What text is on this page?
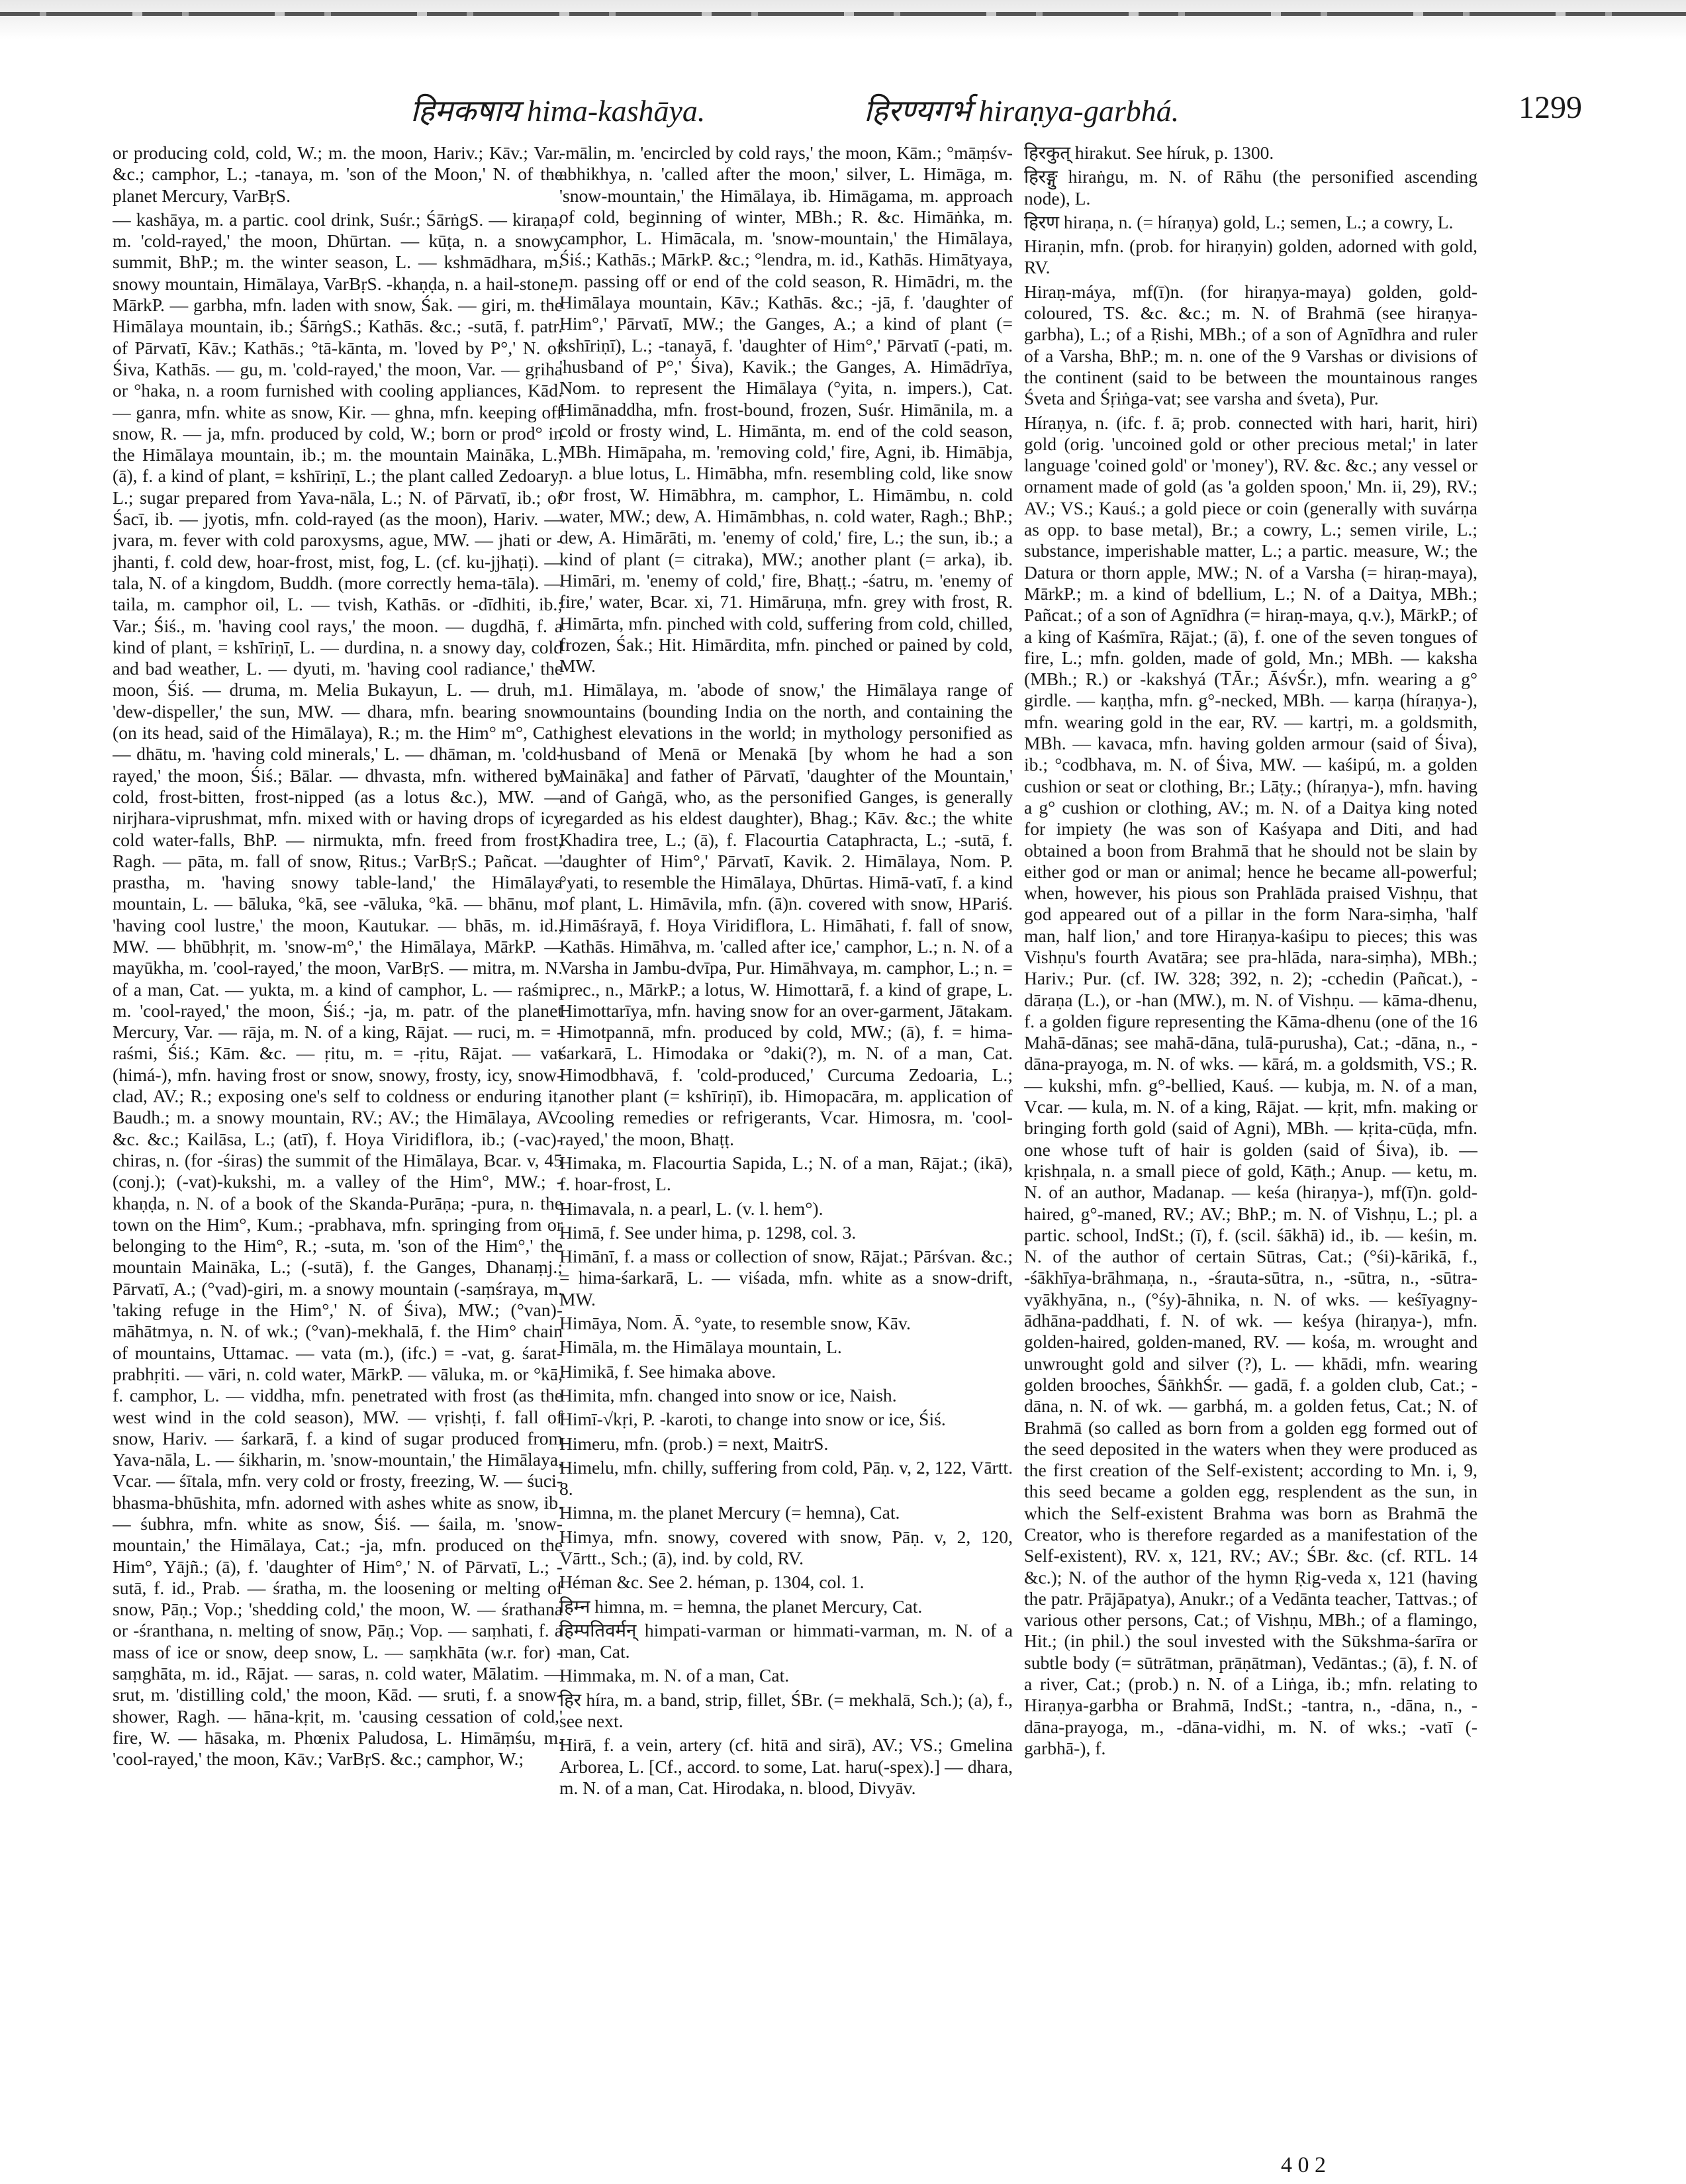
हिमकषाय hima-kashāya.	हिरण्यगर्भ hiraṇya-garbhá.	1299

or producing cold, cold, W.; m. the moon, Hariv.; Kāv.; Var. &c.; camphor, L.; -tanaya, m. 'son of the Moon,' N. of the planet Mercury, VarBṛS.

— kashāya, m. a partic. cool drink, Suśr.; ŚārṅgS. — kiraṇa, m. 'cold-rayed,' the moon, Dhūrtan. — kūṭa, n. a snowy summit, BhP.; m. the winter season, L. — kshmādhara, m. snowy mountain, Himālaya, VarBṛS. -khaṇḍa, n. a hail-stone, MārkP. — garbha, mfn. laden with snow, Śak. — giri, m. the Himālaya mountain, ib.; ŚārṅgS.; Kathās. &c.; -sutā, f. patr. of Pārvatī, Kāv.; Kathās.; °tā-kānta, m. 'loved by P°,' N. of Śiva, Kathās. — gu, m. 'cold-rayed,' the moon, Var. — gṛiha or °haka, n. a room furnished with cooling appliances, Kād. — ganra, mfn. white as snow, Kir. — ghna, mfn. keeping off snow, R. — ja, mfn. produced by cold, W.; born or prod° in the Himālaya mountain, ib.; m. the mountain Maināka, L.; (ā), f. a kind of plant, = kshīriṇī, L.; the plant called Zedoary, L.; sugar prepared from Yava-nāla, L.; N. of Pārvatī, ib.; of Śacī, ib. — jyotis, mfn. cold-rayed (as the moon), Hariv. — jvara, m. fever with cold paroxysms, ague, MW. — jhati or -jhanti, f. cold dew, hoar-frost, mist, fog, L. (cf. ku-jjhaṭi). — tala, N. of a kingdom, Buddh. (more correctly hema-tāla). — taila, m. camphor oil, L. — tvish, Kathās. or -dīdhiti, ib.; Var.; Śiś., m. 'having cool rays,' the moon. — dugdhā, f. a kind of plant, = kshīriṇī, L. — durdina, n. a snowy day, cold and bad weather, L. — dyuti, m. 'having cool radiance,' the moon, Śiś. — druma, m. Melia Bukayun, L. — druh, m. 'dew-dispeller,' the sun, MW. — dhara, mfn. bearing snow (on its head, said of the Himālaya), R.; m. the Him° m°, Cat. — dhātu, m. 'having cold minerals,' L. — dhāman, m. 'cold-rayed,' the moon, Śiś.; Bālar. — dhvasta, mfn. withered by cold, frost-bitten, frost-nipped (as a lotus &c.), MW. — nirjhara-viprushmat, mfn. mixed with or having drops of icy cold water-falls, BhP. — nirmukta, mfn. freed from frost, Ragh. — pāta, m. fall of snow, Ṛitus.; VarBṛS.; Pañcat. — prastha, m. 'having snowy table-land,' the Himālaya mountain, L. — bāluka, °kā, see -vāluka, °kā. — bhānu, m. 'having cool lustre,' the moon, Kautukar. — bhās, m. id., MW. — bhūbhṛit, m. 'snow-m°,' the Himālaya, MārkP. — mayūkha, m. 'cool-rayed,' the moon, VarBṛS. — mitra, m. N. of a man, Cat. — yukta, m. a kind of camphor, L. — raśmi, m. 'cool-rayed,' the moon, Śiś.; -ja, m. patr. of the planet Mercury, Var. — rāja, m. N. of a king, Rājat. — ruci, m. = -raśmi, Śiś.; Kām. &c. — ṛitu, m. = -ṛitu, Rājat. — vat (himá-), mfn. having frost or snow, snowy, frosty, icy, snow-clad, AV.; R.; exposing one's self to coldness or enduring it, Baudh.; m. a snowy mountain, RV.; AV.; the Himālaya, AV. &c. &c.; Kailāsa, L.; (atī), f. Hoya Viridiflora, ib.; (-vac)-chiras, n. (for -śiras) the summit of the Himālaya, Bcar. v, 45 (conj.); (-vat)-kukshi, m. a valley of the Him°, MW.; -khaṇḍa, n. N. of a book of the Skanda-Purāṇa; -pura, n. the town on the Him°, Kum.; -prabhava, mfn. springing from or belonging to the Him°, R.; -suta, m. 'son of the Him°,' the mountain Maināka, L.; (-sutā), f. the Ganges, Dhanaṃj.; Pārvatī, A.; (°vad)-giri, m. a snowy mountain (-saṃśraya, m. 'taking refuge in the Him°,' N. of Śiva), MW.; (°van)-māhātmya, n. N. of wk.; (°van)-mekhalā, f. the Him° chain of mountains, Uttamac. — vata (m.), (ifc.) = -vat, g. śarat-prabhṛiti. — vāri, n. cold water, MārkP. — vāluka, m. or °kā, f. camphor, L. — viddha, mfn. penetrated with frost (as the west wind in the cold season), MW. — vṛishṭi, f. fall of snow, Hariv. — śarkarā, f. a kind of sugar produced from Yava-nāla, L. — śikharin, m. 'snow-mountain,' the Himālaya, Vcar. — śītala, mfn. very cold or frosty, freezing, W. — śuci-bhasma-bhūshita, mfn. adorned with ashes white as snow, ib. — śubhra, mfn. white as snow, Śiś. — śaila, m. 'snow-mountain,' the Himālaya, Cat.; -ja, mfn. produced on the Him°, Yājñ.; (ā), f. 'daughter of Him°,' N. of Pārvatī, L.; -sutā, f. id., Prab. — śratha, m. the loosening or melting of snow, Pāṇ.; Vop.; 'shedding cold,' the moon, W. — śrathana or -śranthana, n. melting of snow, Pāṇ.; Vop. — saṃhati, f. a mass of ice or snow, deep snow, L. — saṃkhāta (w.r. for) -saṃghāta, m. id., Rājat. — saras, n. cold water, Mālatim. — srut, m. 'distilling cold,' the moon, Kād. — sruti, f. a snow-shower, Ragh. — hāna-kṛit, m. 'causing cessation of cold,' fire, W. — hāsaka, m. Phœnix Paludosa, L. Himāṃśu, m. 'cool-rayed,' the moon, Kāv.; VarBṛS. &c.; camphor, W.;

-mālin, m. 'encircled by cold rays,' the moon, Kām.; °māṃśv-abhikhya, n. 'called after the moon,' silver, L. Himāga, m. 'snow-mountain,' the Himālaya, ib. Himāgama, m. approach of cold, beginning of winter, MBh.; R. &c. Himāṅka, m. camphor, L. Himācala, m. 'snow-mountain,' the Himālaya, Śiś.; Kathās.; MārkP. &c.; °lendra, m. id., Kathās. Himātyaya, m. passing off or end of the cold season, R. Himādri, m. the Himālaya mountain, Kāv.; Kathās. &c.; -jā, f. 'daughter of Him°,' Pārvatī, MW.; the Ganges, A.; a kind of plant (= kshīriṇī), L.; -tanayā, f. 'daughter of Him°,' Pārvatī (-pati, m. 'husband of P°,' Śiva), Kavik.; the Ganges, A. Himādrīya, Nom. to represent the Himālaya (°yita, n. impers.), Cat. Himānaddha, mfn. frost-bound, frozen, Suśr. Himānila, m. a cold or frosty wind, L. Himānta, m. end of the cold season, MBh. Himāpaha, m. 'removing cold,' fire, Agni, ib. Himābja, n. a blue lotus, L. Himābha, mfn. resembling cold, like snow or frost, W. Himābhra, m. camphor, L. Himāmbu, n. cold water, MW.; dew, A. Himāmbhas, n. cold water, Ragh.; BhP.; dew, A. Himārāti, m. 'enemy of cold,' fire, L.; the sun, ib.; a kind of plant (= citraka), MW.; another plant (= arka), ib. Himāri, m. 'enemy of cold,' fire, Bhaṭṭ.; -śatru, m. 'enemy of fire,' water, Bcar. xi, 71. Himāruṇa, mfn. grey with frost, R. Himārta, mfn. pinched with cold, suffering from cold, chilled, frozen, Śak.; Hit. Himārdita, mfn. pinched or pained by cold, MW.

1. Himālaya, m. 'abode of snow,' the Himālaya range of mountains (bounding India on the north, and containing the highest elevations in the world; in mythology personified as husband of Menā or Menakā [by whom he had a son Maināka] and father of Pārvatī, 'daughter of the Mountain,' and of Gaṅgā, who, as the personified Ganges, is generally regarded as his eldest daughter), Bhag.; Kāv. &c.; the white Khadira tree, L.; (ā), f. Flacourtia Cataphracta, L.; -sutā, f. 'daughter of Him°,' Pārvatī, Kavik. 2. Himālaya, Nom. P. °yati, to resemble the Himālaya, Dhūrtas. Himā-vatī, f. a kind of plant, L. Himāvila, mfn. (ā)n. covered with snow, HPariś. Himāśrayā, f. Hoya Viridiflora, L. Himāhati, f. fall of snow, Kathās. Himāhva, m. 'called after ice,' camphor, L.; n. N. of a Varsha in Jambu-dvīpa, Pur. Himāhvaya, m. camphor, L.; n. = prec., n., MārkP.; a lotus, W. Himottarā, f. a kind of grape, L. Himottarīya, mfn. having snow for an over-garment, Jātakam. Himotpannā, mfn. produced by cold, MW.; (ā), f. = hima-śarkarā, L. Himodaka or °daki(?), m. N. of a man, Cat. Himodbhavā, f. 'cold-produced,' Curcuma Zedoaria, L.; another plant (= kshīriṇī), ib. Himopacāra, m. application of cooling remedies or refrigerants, Vcar. Himosra, m. 'cool-rayed,' the moon, Bhaṭṭ.

Himaka, m. Flacourtia Sapida, L.; N. of a man, Rājat.; (ikā), f. hoar-frost, L.

Himavala, n. a pearl, L. (v. l. hem°).

Himā, f. See under hima, p. 1298, col. 3.

Himānī, f. a mass or collection of snow, Rājat.; Pārśvan. &c.; = hima-śarkarā, L. — viśada, mfn. white as a snow-drift, MW.

Himāya, Nom. Ā. °yate, to resemble snow, Kāv.

Himāla, m. the Himālaya mountain, L.

Himikā, f. See himaka above.

Himita, mfn. changed into snow or ice, Naish.

Himī-√kṛi, P. -karoti, to change into snow or ice, Śiś.

Himeru, mfn. (prob.) = next, MaitrS.

Himelu, mfn. chilly, suffering from cold, Pāṇ. v, 2, 122, Vārtt. 8.

Himna, m. the planet Mercury (= hemna), Cat.

Himya, mfn. snowy, covered with snow, Pāṇ. v, 2, 120, Vārtt., Sch.; (ā), ind. by cold, RV.

Héman &c. See 2. héman, p. 1304, col. 1.

हिम्न himna, m. = hemna, the planet Mercury, Cat.

हिम्पतिवर्मन् himpati-varman or himmati-varman, m. N. of a man, Cat.

Himmaka, m. N. of a man, Cat.

हिर híra, m. a band, strip, fillet, ŚBr. (= mekhalā, Sch.); (a), f., see next.

Hirā, f. a vein, artery (cf. hitā and sirā), AV.; VS.; Gmelina Arborea, L. [Cf., accord. to some, Lat. haru(-spex).] — dhara, m. N. of a man, Cat. Hirodaka, n. blood, Divyāv.

हिरकुत् hirakut. See híruk, p. 1300.

हिरङ्गु hiraṅgu, m. N. of Rāhu (the personified ascending node), L.

हिरण hiraṇa, n. (= híraṇya) gold, L.; semen, L.; a cowry, L.

Hiraṇin, mfn. (prob. for hiraṇyin) golden, adorned with gold, RV.

Hiraṇ-máya, mf(ī)n. (for hiraṇya-maya) golden, gold-coloured, TS. &c. &c.; m. N. of Brahmā (see hiraṇya-garbha), L.; of a Ṛishi, MBh.; of a son of Agnīdhra and ruler of a Varsha, BhP.; m. n. one of the 9 Varshas or divisions of the continent (said to be between the mountainous ranges Śveta and Śṛiṅga-vat; see varsha and śveta), Pur.

Híraṇya, n. (ifc. f. ā; prob. connected with hari, harit, hiri) gold (orig. 'uncoined gold or other precious metal;' in later language 'coined gold' or 'money'), RV. &c. &c.; any vessel or ornament made of gold (as 'a golden spoon,' Mn. ii, 29), RV.; AV.; VS.; Kauś.; a gold piece or coin (generally with suvárṇa as opp. to base metal), Br.; a cowry, L.; semen virile, L.; substance, imperishable matter, L.; a partic. measure, W.; the Datura or thorn apple, MW.; N. of a Varsha (= hiraṇ-maya), MārkP.; m. a kind of bdellium, L.; N. of a Daitya, MBh.; Pañcat.; of a son of Agnīdhra (= hiraṇ-maya, q.v.), MārkP.; of a king of Kaśmīra, Rājat.; (ā), f. one of the seven tongues of fire, L.; mfn. golden, made of gold, Mn.; MBh. — kaksha (MBh.; R.) or -kakshyá (TĀr.; ĀśvŚr.), mfn. wearing a g° girdle. — kaṇṭha, mfn. g°-necked, MBh. — karṇa (híraṇya-), mfn. wearing gold in the ear, RV. — kartṛi, m. a goldsmith, MBh. — kavaca, mfn. having golden armour (said of Śiva), ib.; °codbhava, m. N. of Śiva, MW. — kaśipú, m. a golden cushion or seat or clothing, Br.; Lāṭy.; (híraṇya-), mfn. having a g° cushion or clothing, AV.; m. N. of a Daitya king noted for impiety (he was son of Kaśyapa and Diti, and had obtained a boon from Brahmā that he should not be slain by either god or man or animal; hence he became all-powerful; when, however, his pious son Prahlāda praised Vishṇu, that god appeared out of a pillar in the form Nara-siṃha, 'half man, half lion,' and tore Hiraṇya-kaśipu to pieces; this was Vishṇu's fourth Avatāra; see pra-hlāda, nara-siṃha), MBh.; Hariv.; Pur. (cf. IW. 328; 392, n. 2); -cchedin (Pañcat.), -dāraṇa (L.), or -han (MW.), m. N. of Vishṇu. — kāma-dhenu, f. a golden figure representing the Kāma-dhenu (one of the 16 Mahā-dānas; see mahā-dāna, tulā-purusha), Cat.; -dāna, n., -dāna-prayoga, m. N. of wks. — kārá, m. a goldsmith, VS.; R. — kukshi, mfn. g°-bellied, Kauś. — kubja, m. N. of a man, Vcar. — kula, m. N. of a king, Rājat. — kṛit, mfn. making or bringing forth gold (said of Agni), MBh. — kṛita-cūḍa, mfn. one whose tuft of hair is golden (said of Śiva), ib. — kṛishṇala, n. a small piece of gold, Kāṭh.; Anup. — ketu, m. N. of an author, Madanap. — keśa (hiraṇya-), mf(ī)n. gold-haired, g°-maned, RV.; AV.; BhP.; m. N. of Vishṇu, L.; pl. a partic. school, IndSt.; (ī), f. (scil. śākhā) id., ib. — keśin, m. N. of the author of certain Sūtras, Cat.; (°śi)-kārikā, f., -śākhīya-brāhmaṇa, n., -śrauta-sūtra, n., -sūtra, n., -sūtra-vyākhyāna, n., (°śy)-āhnika, n. N. of wks. — keśīyagny-ādhāna-paddhati, f. N. of wk. — keśya (hiraṇya-), mfn. golden-haired, golden-maned, RV. — kośa, m. wrought and unwrought gold and silver (?), L. — khādi, mfn. wearing golden brooches, ŚāṅkhŚr. — gadā, f. a golden club, Cat.; -dāna, n. N. of wk. — garbhá, m. a golden fetus, Cat.; N. of Brahmā (so called as born from a golden egg formed out of the seed deposited in the waters when they were produced as the first creation of the Self-existent; according to Mn. i, 9, this seed became a golden egg, resplendent as the sun, in which the Self-existent Brahma was born as Brahmā the Creator, who is therefore regarded as a manifestation of the Self-existent), RV. x, 121, RV.; AV.; ŚBr. &c. (cf. RTL. 14 &c.); N. of the author of the hymn Ṛig-veda x, 121 (having the patr. Prājāpatya), Anukr.; of a Vedānta teacher, Tattvas.; of various other persons, Cat.; of Vishṇu, MBh.; of a flamingo, Hit.; (in phil.) the soul invested with the Sūkshma-śarīra or subtle body (= sūtrātman, prāṇātman), Vedāntas.; (ā), f. N. of a river, Cat.; (prob.) n. N. of a Liṅga, ib.; mfn. relating to Hiraṇya-garbha or Brahmā, IndSt.; -tantra, n., -dāna, n., -dāna-prayoga, m., -dāna-vidhi, m. N. of wks.; -vatī (-garbhā-), f.

4 0 2
